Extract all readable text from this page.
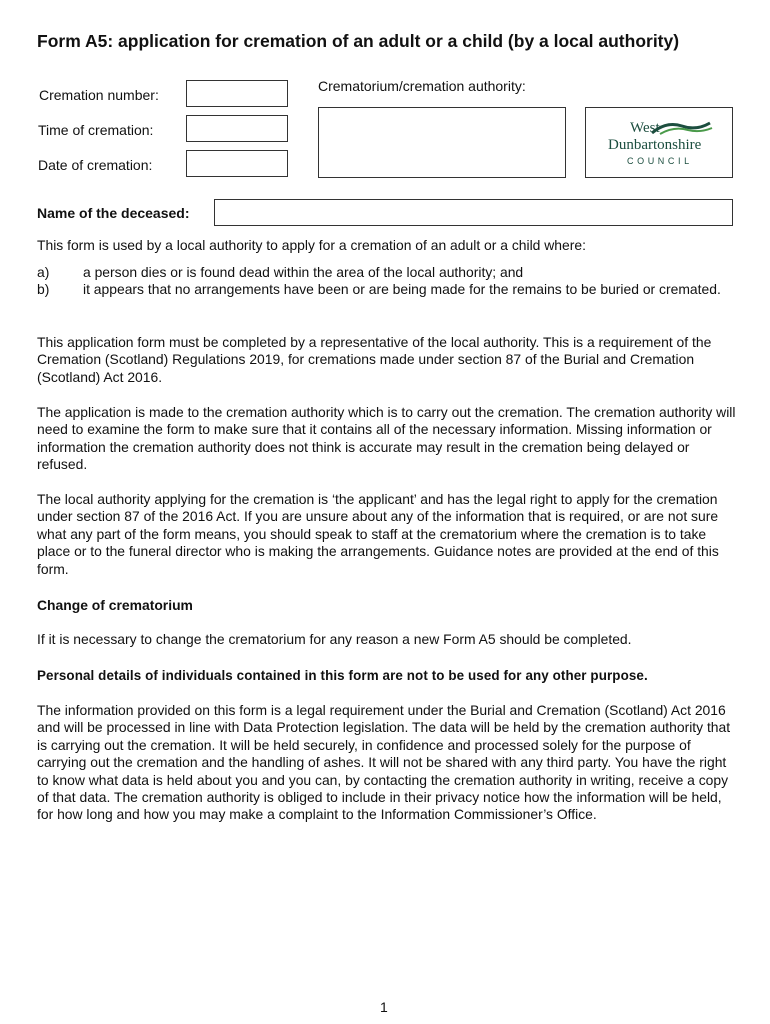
Form A5: application for cremation of an adult or a child (by a local authority)
Cremation number:
Time of cremation:
Date of cremation:
Crematorium/cremation authority:
West
Dunbartonshire
COUNCIL
Name of the deceased:

This form is used by a local authority to apply for a cremation of an adult or a child where:

a) a person dies or is found dead within the area of the local authority; and
b) it appears that no arrangements have been or are being made for the remains to be buried or cremated.

This application form must be completed by a representative of the local authority. This is a requirement of the Cremation (Scotland) Regulations 2019, for cremations made under section 87 of the Burial and Cremation (Scotland) Act 2016.

The application is made to the cremation authority which is to carry out the cremation. The cremation authority will need to examine the form to make sure that it contains all of the necessary information. Missing information or information the cremation authority does not think is accurate may result in the cremation being delayed or refused.

The local authority applying for the cremation is ‘the applicant’ and has the legal right to apply for the cremation under section 87 of the 2016 Act. If you are unsure about any of the information that is required, or are not sure what any part of the form means, you should speak to staff at the crematorium where the cremation is to take place or to the funeral director who is making the arrangements. Guidance notes are provided at the end of this form.

Change of crematorium

If it is necessary to change the crematorium for any reason a new Form A5 should be completed.

Personal details of individuals contained in this form are not to be used for any other purpose.

The information provided on this form is a legal requirement under the Burial and Cremation (Scotland) Act 2016 and will be processed in line with Data Protection legislation. The data will be held by the cremation authority that is carrying out the cremation. It will be held securely, in confidence and processed solely for the purpose of carrying out the cremation and the handling of ashes. It will not be shared with any third party. You have the right to know what data is held about you and you can, by contacting the cremation authority in writing, receive a copy of that data. The cremation authority is obliged to include in their privacy notice how the information will be held, for how long and how you may make a complaint to the Information Commissioner’s Office.

1
